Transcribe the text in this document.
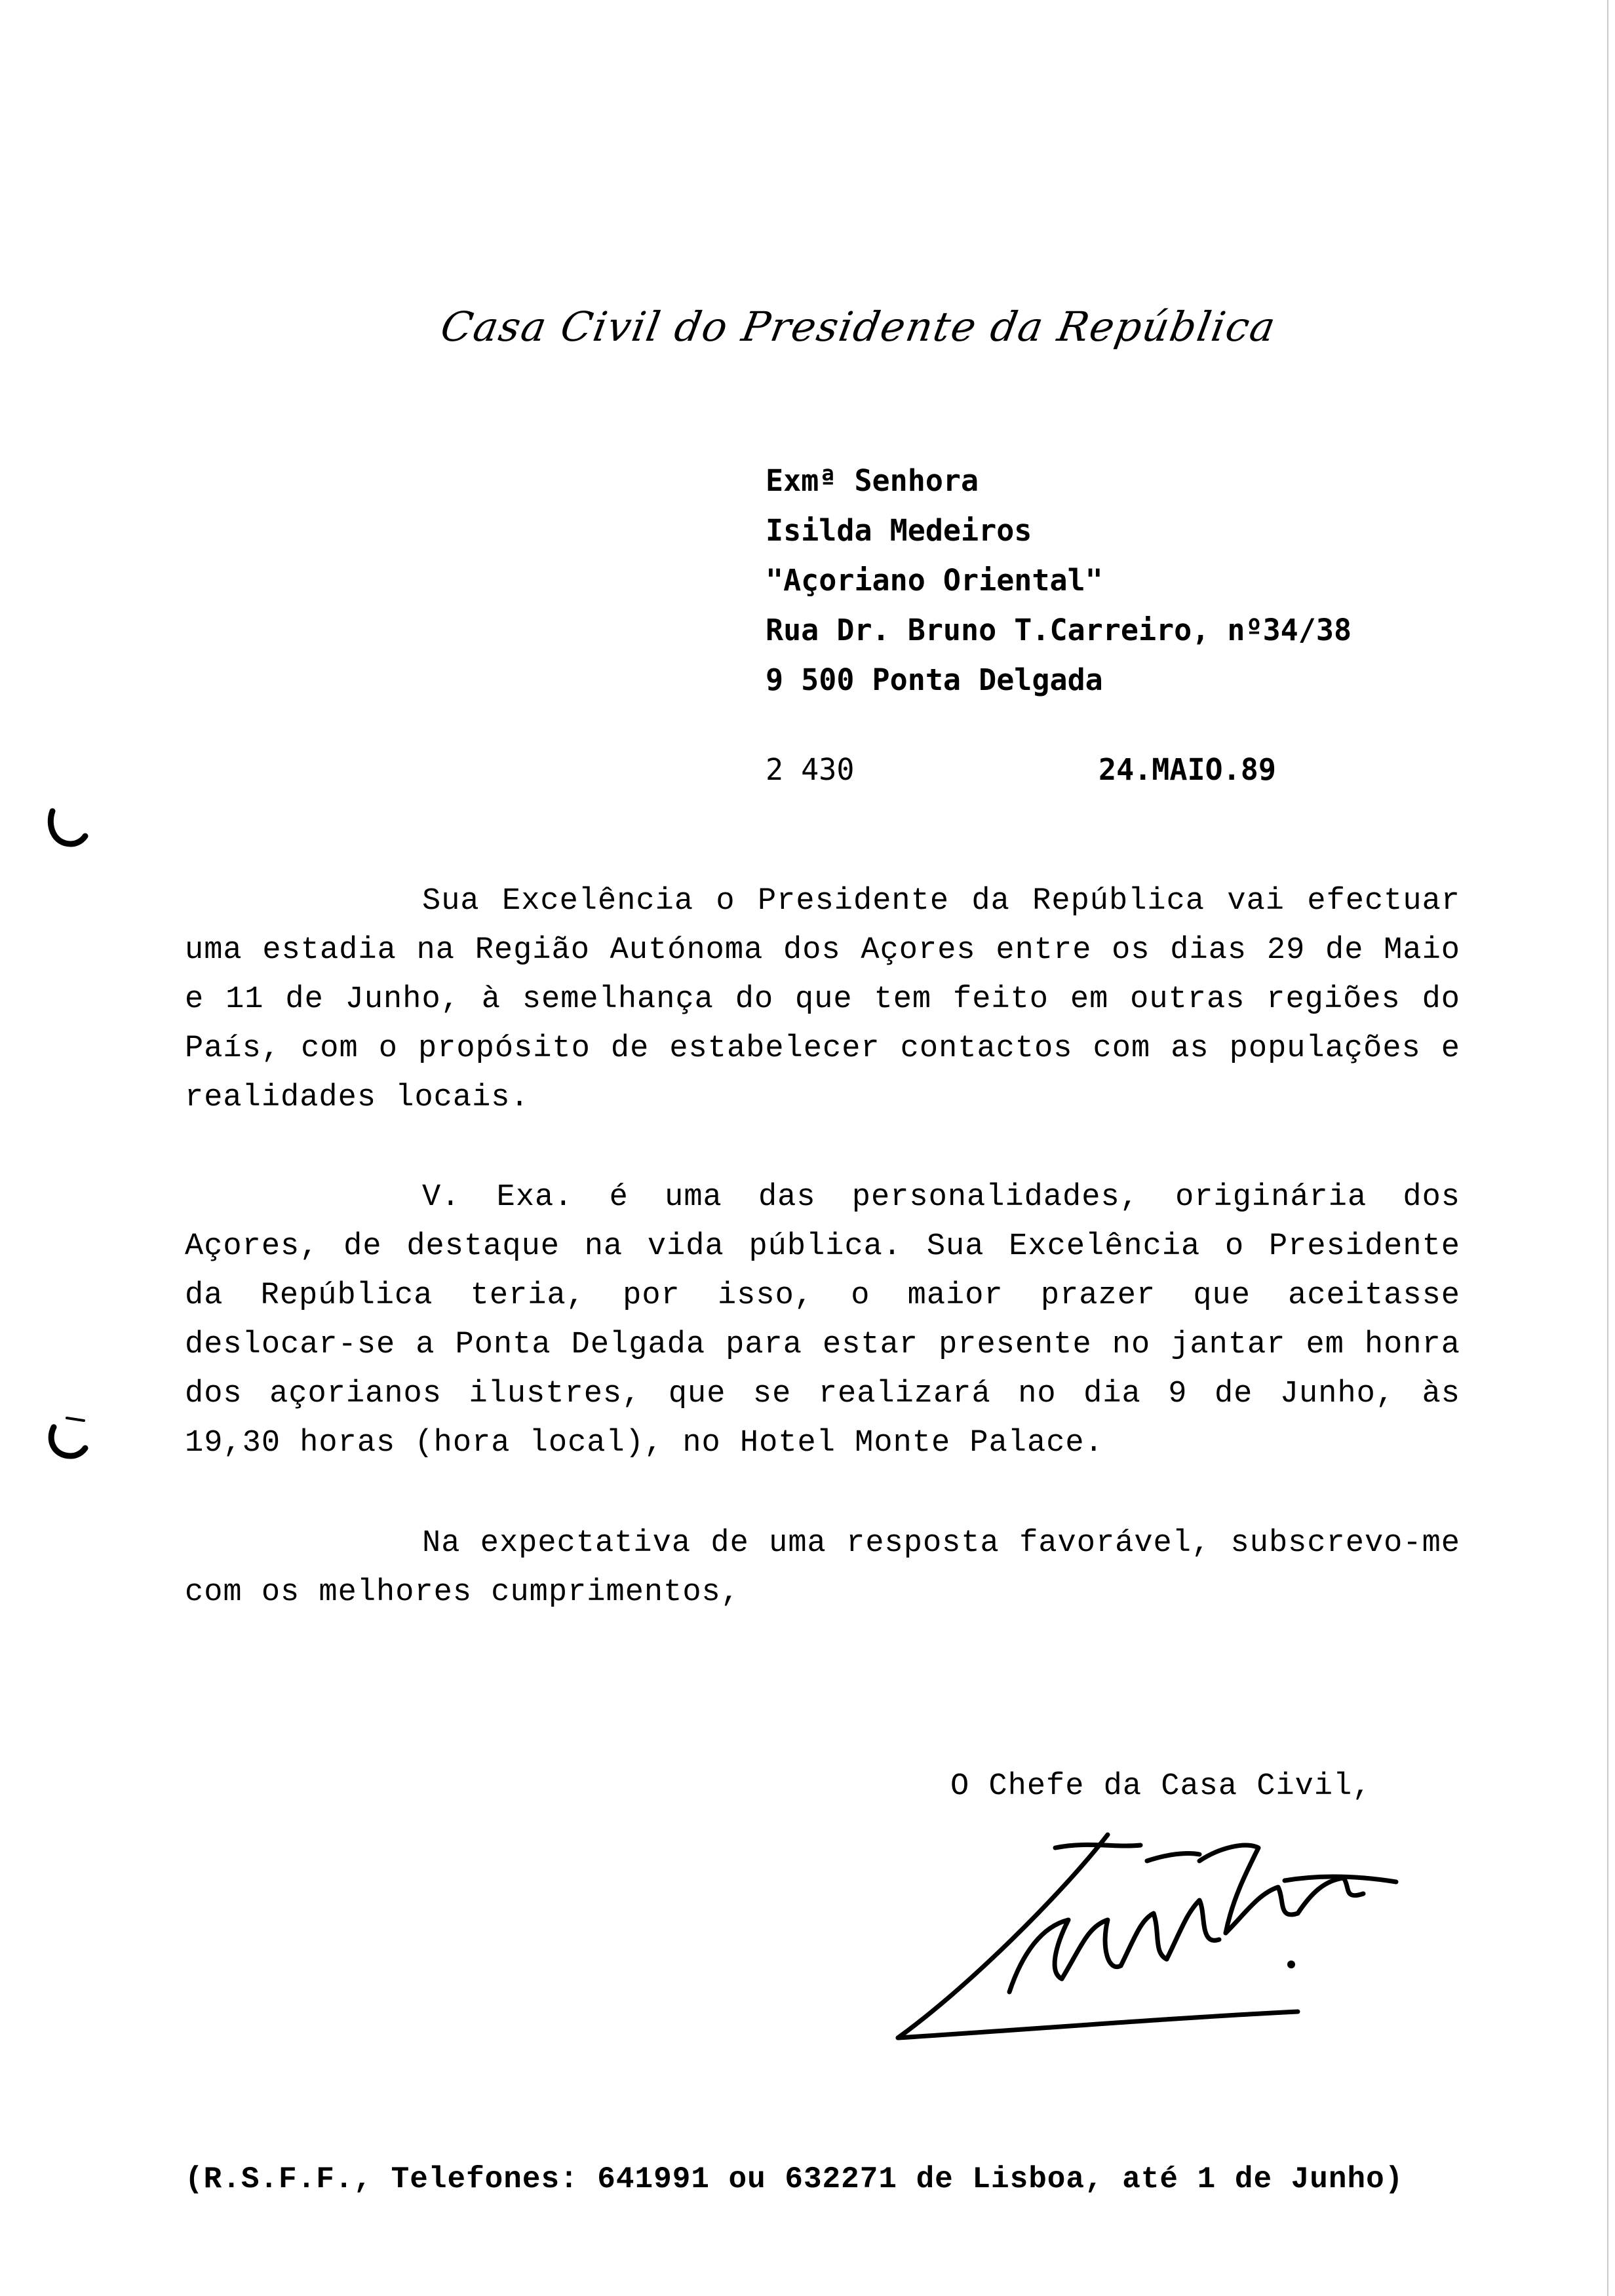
Casa Civil do Presidente da República
Exmª Senhora
Isilda Medeiros
"Açoriano Oriental"
Rua Dr. Bruno T.Carreiro, nº34/38
9 500 Ponta Delgada
2 430	24.MAIO.89

Sua Excelência o Presidente da República vai efectuar uma estadia na Região Autónoma dos Açores entre os dias 29 de Maio e 11 de Junho, à semelhança do que tem feito em outras regiões do País, com o propósito de estabelecer contactos com as populações e realidades locais.

V. Exa. é uma das personalidades, originária dos Açores, de destaque na vida pública. Sua Excelência o Presidente da República teria, por isso, o maior prazer que aceitasse deslocar-se a Ponta Delgada para estar presente no jantar em honra dos açorianos ilustres, que se realizará no dia 9 de Junho, às 19,30 horas (hora local), no Hotel Monte Palace.

Na expectativa de uma resposta favorável, subscrevo-me com os melhores cumprimentos,

O Chefe da Casa Civil,
(R.S.F.F., Telefones: 641991 ou 632271 de Lisboa, até 1 de Junho)
